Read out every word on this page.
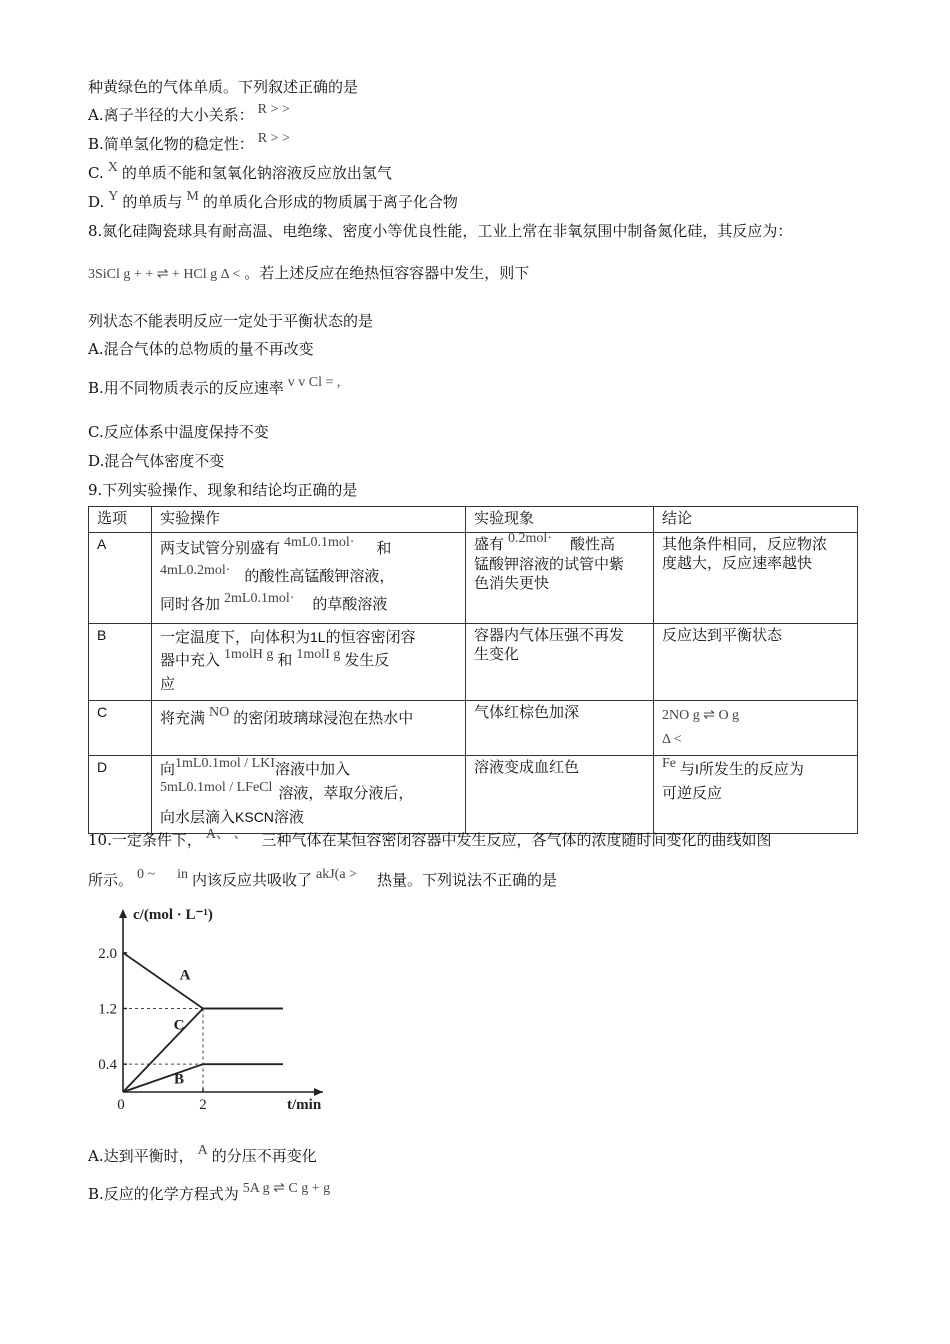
种黄绿色的气体单质。下列叙述正确的是
A.离子半径的大小关系： R > >
B.简单氢化物的稳定性： R > >
C. X 的单质不能和氢氧化钠溶液反应放出氢气
D. Y 的单质与 M 的单质化合形成的物质属于离子化合物
8.氮化硅陶瓷球具有耐高温、电绝缘、密度小等优良性能，工业上常在非氧氛围中制备氮化硅，其反应为：
3SiCl g + + ⇌ + HCl g Δ < 。若上述反应在绝热恒容容器中发生，则下
列状态不能表明反应一定处于平衡状态的是
A.混合气体的总物质的量不再改变
B.用不同物质表示的反应速率 v v Cl = ,
C.反应体系中温度保持不变
D.混合气体密度不变
9.下列实验操作、现象和结论均正确的是
选项	实验操作	实验现象	结论
A	两支试管分别盛有 4mL0.1mol· 和
4mL0.2mol· 的酸性高锰酸钾溶液，
同时各加 2mL0.1mol· 的草酸溶液	盛有 0.2mol· 酸性高
锰酸钾溶液的试管中紫
色消失更快	其他条件相同，反应物浓
度越大，反应速率越快
B	一定温度下，向体积为1L的恒容密闭容
器中充入 1molH g 和 1molI g 发生反
应	容器内气体压强不再发
生变化	反应达到平衡状态
C	将充满 NO 的密闭玻璃球浸泡在热水中	气体红棕色加深	2NO g ⇌ O g
Δ <
D	向1mL0.1mol / LKI溶液中加入
5mL0.1mol / LFeCl 溶液，萃取分液后，
向水层滴入KSCN溶液	溶液变成血红色	Fe 与I所发生的反应为
可逆反应
10.一定条件下， A、 、 三种气体在某恒容密闭容器中发生反应，各气体的浓度随时间变化的曲线如图
所示。 0 ~ in 内该反应共吸收了 akJ(a > 热量。下列说法不正确的是
2.0
1.2
0.4
2
0
A
C
B
c/(mol · L⁻¹)
t/min
A.达到平衡时， A 的分压不再变化
B.反应的化学方程式为 5A g ⇌ C g + g
